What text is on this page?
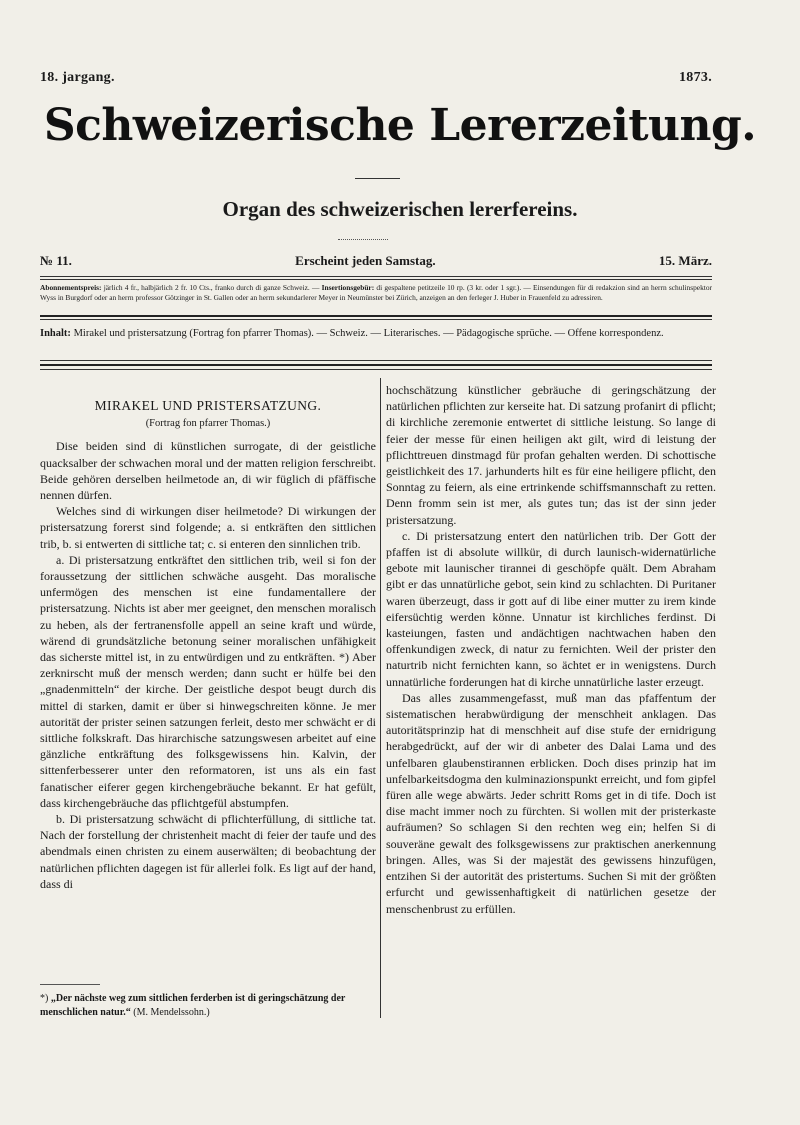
18. jargang.	1873.
Schweizerische Lererzeitung.
Organ des schweizerischen lererfereins.
№ 11.	Erscheint jeden Samstag.	15. März.
Abonnementspreis: järlich 4 fr., halbjärlich 2 fr. 10 Cts., franko durch di ganze Schweiz. — Insertionsgebür: di gespaltene petitzeile 10 rp. (3 kr. oder 1 sgr.). — Einsendungen für di redakzion sind an herrn schulinspektor Wyss in Burgdorf oder an herrn professor Götzinger in St. Gallen oder an herrn sekundarlerer Meyer in Neumünster bei Zürich, anzeigen an den ferleger J. Huber in Frauenfeld zu adressiren.
Inhalt: Mirakel und pristersatzung (Fortrag fon pfarrer Thomas). — Schweiz. — Literarisches. — Pädagogische sprüche. — Offene korrespondenz.
MIRAKEL UND PRISTERSATZUNG.
(Fortrag fon pfarrer Thomas.)

Dise beiden sind di künstlichen surrogate, di der geistliche quacksalber der schwachen moral und der matten religion ferschreibt. Beide gehören derselben heilmetode an, di wir füglich di pfäffische nennen dürfen.

Welches sind di wirkungen diser heilmetode? Di wirkungen der pristersatzung forerst sind folgende; a. si entkräften den sittlichen trib, b. si entwerten di sittliche tat; c. si enteren den sinnlichen trib.

a. Di pristersatzung entkräftet den sittlichen trib, weil si fon der foraussetzung der sittlichen schwäche ausgeht. Das moralische unfermögen des menschen ist eine fundamentallere der pristersatzung. Nichts ist aber mer geeignet, den menschen moralisch zu heben, als der fertranensfolle appell an seine kraft und würde, wärend di grundsätzliche betonung seiner moralischen unfähigkeit das sicherste mittel ist, in zu entwürdigen und zu entkräften. *) Aber zerknirscht muß der mensch werden; dann sucht er hülfe bei den „gnadenmitteln“ der kirche. Der geistliche despot beugt durch dis mittel di starken, damit er über si hinwegschreiten könne. Je mer autorität der prister seinen satzungen ferleit, desto mer schwächt er di sittliche folkskraft. Das hirarchische satzungswesen arbeitet auf eine gänzliche entkräftung des folksgewissens hin. Kalvin, der sittenferbesserer unter den reformatoren, ist uns als ein fast fanatischer eiferer gegen kirchengebräuche bekannt. Er hat gefült, dass kirchengebräuche das pflichtgefül abstumpfen.

b. Di pristersatzung schwächt di pflichterfüllung, di sittliche tat. Nach der forstellung der christenheit macht di feier der taufe und des abendmals einen christen zu einem auserwälten; di beobachtung der natürlichen pflichten dagegen ist für allerlei folk. Es ligt auf der hand, dass di

hochschätzung künstlicher gebräuche di geringschätzung der natürlichen pflichten zur kerseite hat. Di satzung profanirt di pflicht; di kirchliche zeremonie entwertet di sittliche leistung. So lange di feier der messe für einen heiligen akt gilt, wird di leistung der pflichttreuen dinstmagd für profan gehalten werden. Di schottische geistlichkeit des 17. jarhunderts hilt es für eine heiligere pflicht, den Sonntag zu feiern, als eine ertrinkende schiffsmannschaft zu retten. Denn fromm sein ist mer, als gutes tun; das ist der sinn jeder pristersatzung.

c. Di pristersatzung entert den natürlichen trib. Der Gott der pfaffen ist di absolute willkür, di durch launisch-widernatürliche gebote mit launischer tirannei di geschöpfe quält. Dem Abraham gibt er das unnatürliche gebot, sein kind zu schlachten. Di Puritaner waren überzeugt, dass ir gott auf di libe einer mutter zu irem kinde eifersüchtig werden könne. Unnatur ist kirchliches ferdinst. Di kasteiungen, fasten und andächtigen nachtwachen haben den offenkundigen zweck, di natur zu fernichten. Weil der prister den naturtrib nicht fernichten kann, so ächtet er in wenigstens. Durch unnatürliche forderungen hat di kirche unnatürliche laster erzeugt.

Das alles zusammengefasst, muß man das pfaffentum der sistematischen herabwürdigung der menschheit anklagen. Das autoritätsprinzip hat di menschheit auf dise stufe der ernidrigung herabgedrückt, auf der wir di anbeter des Dalai Lama und des unfelbaren glaubenstirannen erblicken. Doch dises prinzip hat im unfelbarkeitsdogma den kulminazionspunkt erreicht, und fom gipfel füren alle wege abwärts. Jeder schritt Roms get in di tife. Doch ist dise macht immer noch zu fürchten. Si wollen mit der pristerkaste aufräumen? So schlagen Si den rechten weg ein; helfen Si di souveräne gewalt des folksgewissens zur praktischen anerkennung bringen. Alles, was Si der majestät des gewissens hinzufügen, entzihen Si der autorität des pristertums. Suchen Si mit der größten erfurcht und gewissenhaftigkeit di natürlichen gesetze der menschenbrust zu erfüllen.

*) „Der nächste weg zum sittlichen ferderben ist di geringschätzung der menschlichen natur.“ (M. Mendelssohn.)
